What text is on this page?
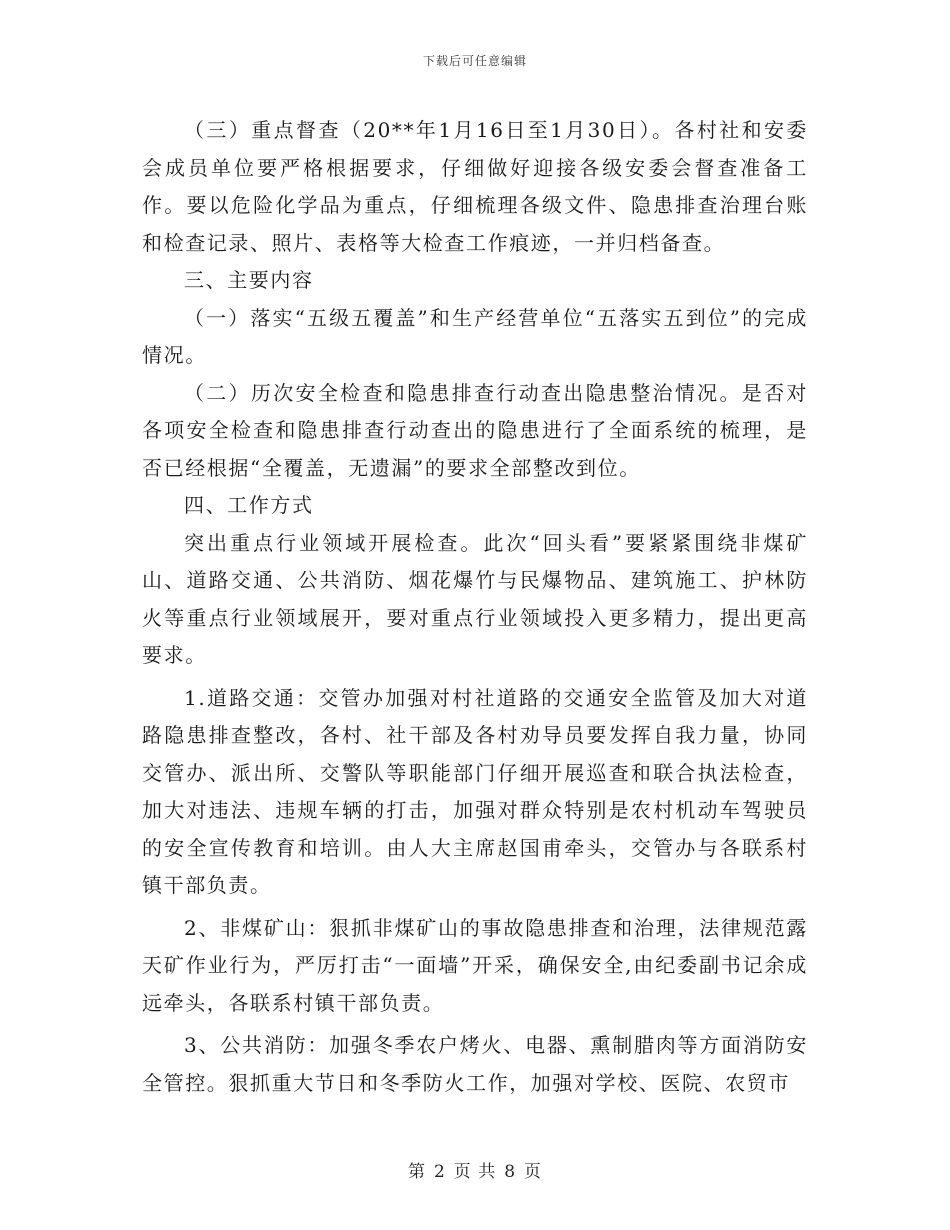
下载后可任意编辑

（三）重点督查（20**年1月16日至1月30日）。各村社和安委会成员单位要严格根据要求，仔细做好迎接各级安委会督查准备工作。要以危险化学品为重点，仔细梳理各级文件、隐患排查治理台账和检查记录、照片、表格等大检查工作痕迹，一并归档备查。

三、主要内容

（一）落实“五级五覆盖”和生产经营单位“五落实五到位”的完成情况。

（二）历次安全检查和隐患排查行动查出隐患整治情况。是否对各项安全检查和隐患排查行动查出的隐患进行了全面系统的梳理，是否已经根据“全覆盖，无遗漏”的要求全部整改到位。

四、工作方式

突出重点行业领域开展检查。此次“回头看”要紧紧围绕非煤矿山、道路交通、公共消防、烟花爆竹与民爆物品、建筑施工、护林防火等重点行业领域展开，要对重点行业领域投入更多精力，提出更高要求。

1.道路交通：交管办加强对村社道路的交通安全监管及加大对道路隐患排查整改，各村、社干部及各村劝导员要发挥自我力量，协同交管办、派出所、交警队等职能部门仔细开展巡查和联合执法检查，加大对违法、违规车辆的打击，加强对群众特别是农村机动车驾驶员的安全宣传教育和培训。由人大主席赵国甫牵头，交管办与各联系村镇干部负责。

2、非煤矿山：狠抓非煤矿山的事故隐患排查和治理，法律规范露天矿作业行为，严厉打击“一面墙”开采，确保安全,由纪委副书记余成远牵头，各联系村镇干部负责。

3、公共消防：加强冬季农户烤火、电器、熏制腊肉等方面消防安全管控。狠抓重大节日和冬季防火工作，加强对学校、医院、农贸市

第 2 页 共 8 页
